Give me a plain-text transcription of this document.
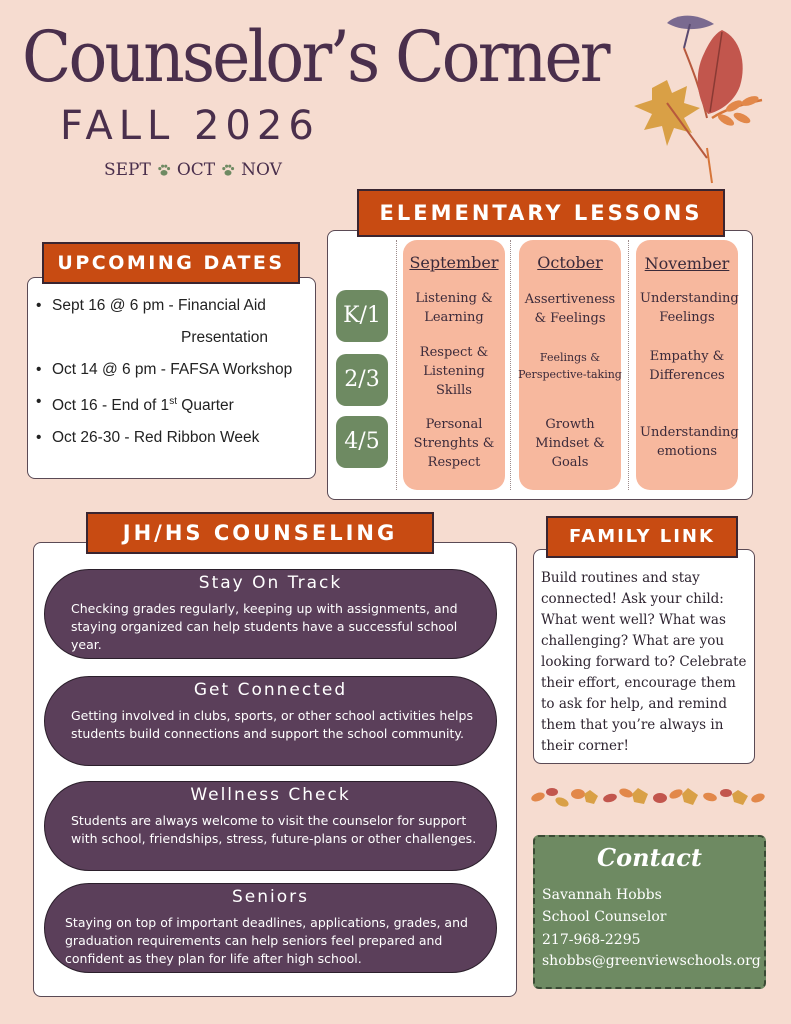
Counselor’s Corner
FALL 2026
SEPT OCT NOV
UPCOMING DATES
• Sept 16 @ 6 pm - Financial Aid
Presentation
• Oct 14 @ 6 pm - FAFSA Workshop
• Oct 16 - End of 1st Quarter
• Oct 26-30 - Red Ribbon Week
ELEMENTARY LESSONS
K/1
2/3
4/5
September	October	November
Listening & Learning
Respect & Listening Skills
Personal Strenghts & Respect
Assertiveness & Feelings
Feelings & Perspective-taking
Growth Mindset & Goals
Understanding Feelings
Empathy & Differences
Understanding emotions
JH/HS COUNSELING
Stay On Track
Checking grades regularly, keeping up with assignments, and staying organized can help students have a successful school year.
Get Connected
Getting involved in clubs, sports, or other school activities helps students build connections and support the school community.
Wellness Check
Students are always welcome to visit the counselor for support with school, friendships, stress, future-plans or other challenges.
Seniors
Staying on top of important deadlines, applications, grades, and graduation requirements can help seniors feel prepared and confident as they plan for life after high school.
FAMILY LINK
Build routines and stay connected! Ask your child: What went well? What was challenging? What are you looking forward to? Celebrate their effort, encourage them to ask for help, and remind them that you’re always in their corner!
Contact
Savannah Hobbs
School Counselor
217-968-2295
shobbs@greenviewschools.org
